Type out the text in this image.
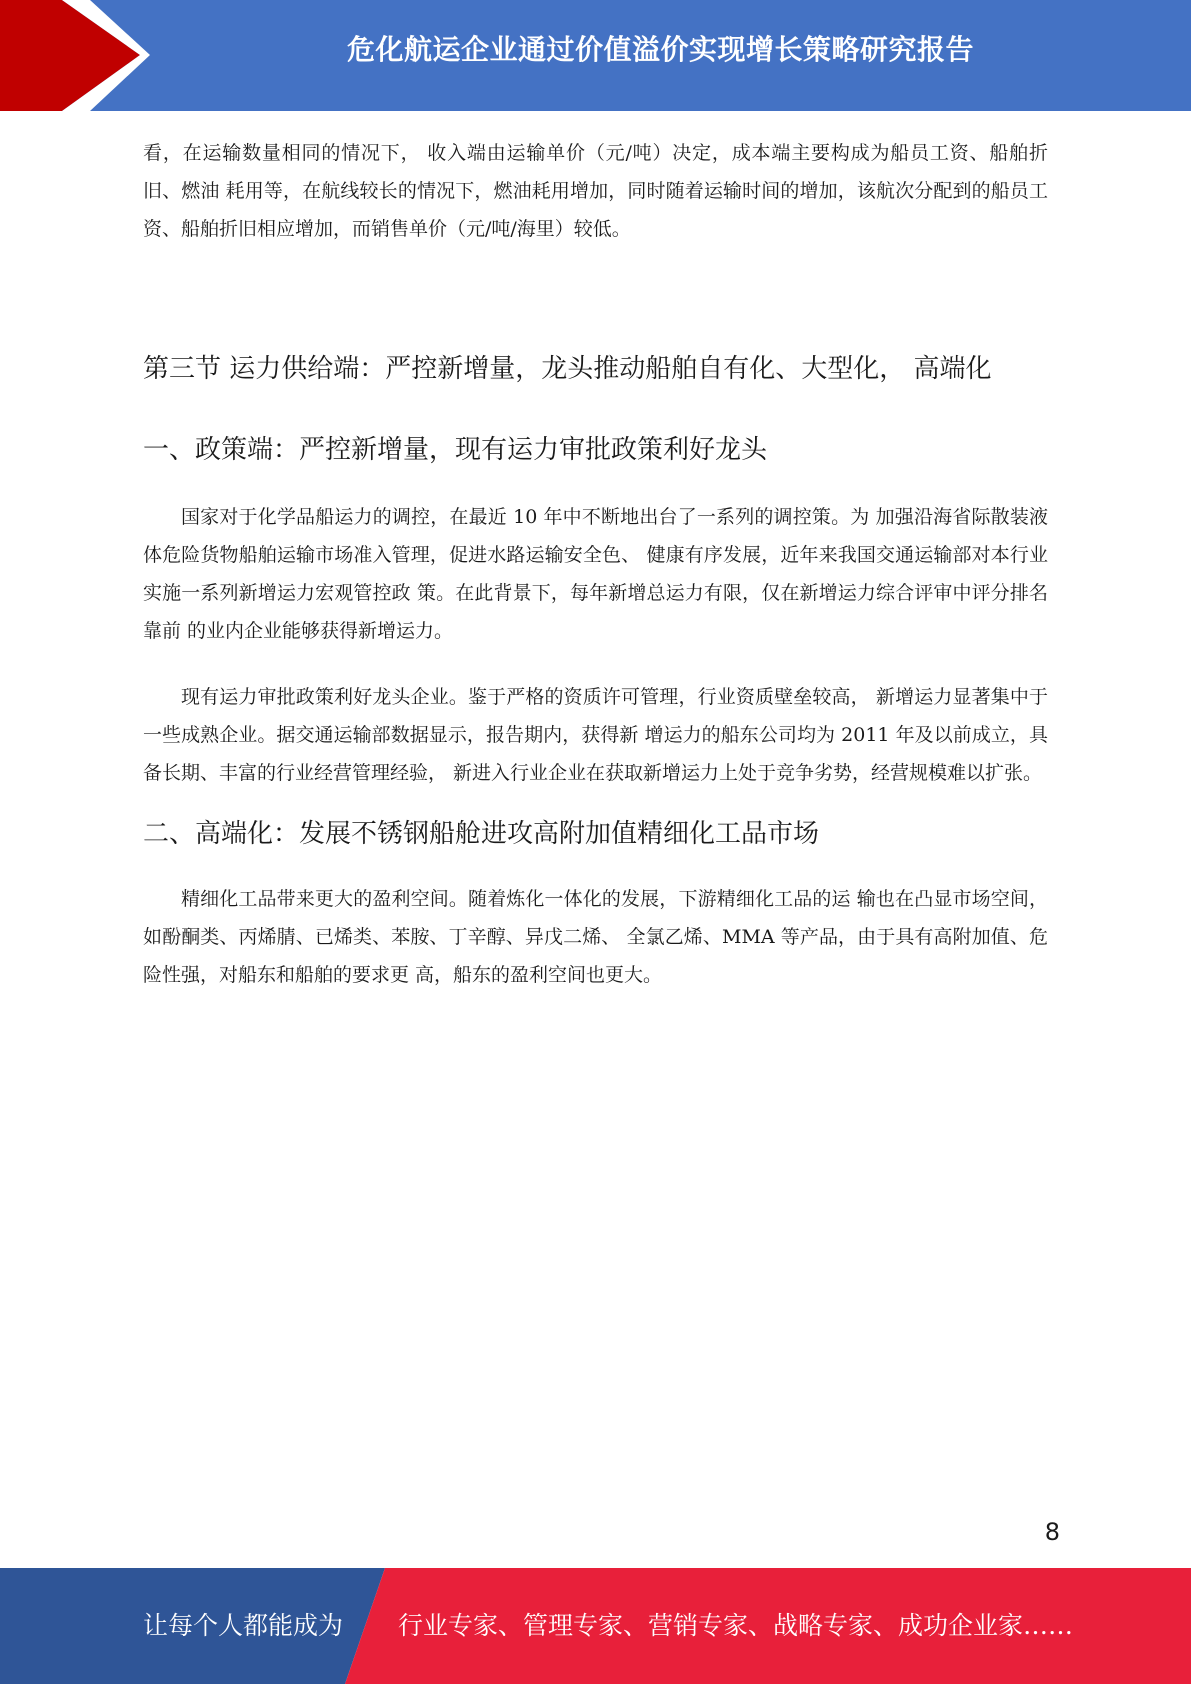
危化航运企业通过价值溢价实现增长策略研究报告

看，在运输数量相同的情况下， 收入端由运输单价（元/吨）决定，成本端主要构成为船员工资、船舶折旧、燃油 耗用等，在航线较长的情况下，燃油耗用增加，同时随着运输时间的增加，该航次分配到的船员工资、船舶折旧相应增加，而销售单价（元/吨/海里）较低。

第三节 运力供给端：严控新增量，龙头推动船舶自有化、大型化， 高端化
一、政策端：严控新增量，现有运力审批政策利好龙头

国家对于化学品船运力的调控，在最近 10 年中不断地出台了一系列的调控策。为 加强沿海省际散装液体危险货物船舶运输市场准入管理，促进水路运输安全色、 健康有序发展，近年来我国交通运输部对本行业实施一系列新增运力宏观管控政 策。在此背景下，每年新增总运力有限，仅在新增运力综合评审中评分排名靠前 的业内企业能够获得新增运力。

现有运力审批政策利好龙头企业。鉴于严格的资质许可管理，行业资质壁垒较高， 新增运力显著集中于一些成熟企业。据交通运输部数据显示，报告期内，获得新 增运力的船东公司均为 2011 年及以前成立，具备长期、丰富的行业经营管理经验， 新进入行业企业在获取新增运力上处于竞争劣势，经营规模难以扩张。

二、高端化：发展不锈钢船舱进攻高附加值精细化工品市场

精细化工品带来更大的盈利空间。随着炼化一体化的发展，下游精细化工品的运 输也在凸显市场空间，如酚酮类、丙烯腈、已烯类、苯胺、丁辛醇、异戊二烯、 全氯乙烯、MMA 等产品，由于具有高附加值、危险性强，对船东和船舶的要求更 高，船东的盈利空间也更大。

8
让每个人都能成为 行业专家、管理专家、营销专家、战略专家、成功企业家……
